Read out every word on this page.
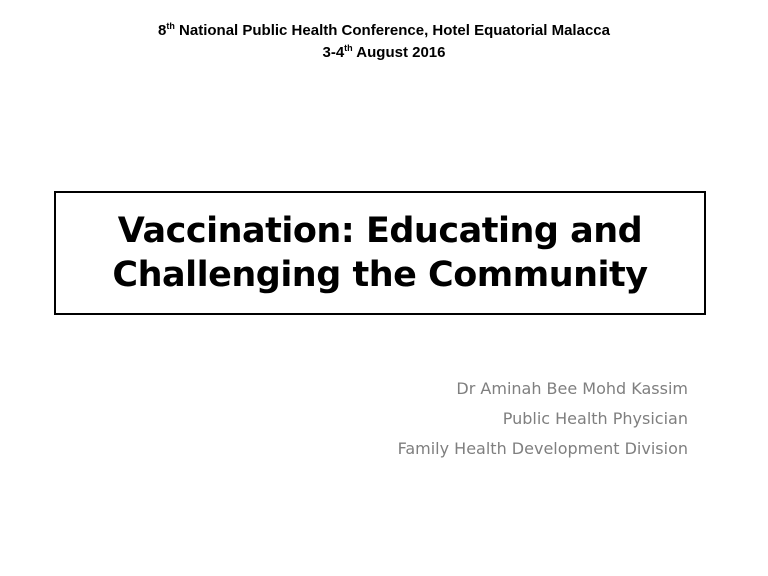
8th National Public Health Conference, Hotel Equatorial Malacca
3-4th August 2016
Vaccination: Educating and
Challenging the Community
Dr Aminah Bee Mohd Kassim
Public Health Physician
Family Health Development Division
